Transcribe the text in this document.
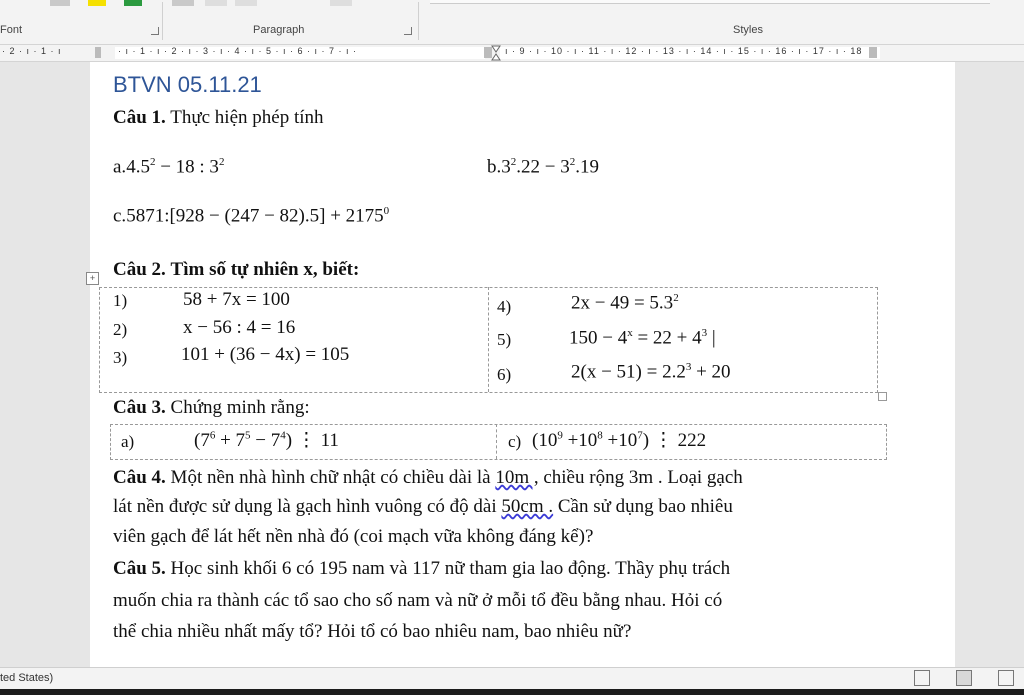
Font	Paragraph	Styles
· 2 · ı · 1 · ı	· ı · 1 · ı · 2 · ı · 3 · ı · 4 · ı · 5 · ı · 6 · ı · 7 · ı ·	ı · 9 · ı · 10 · ı · 11 · ı · 12 · ı · 13 · ı · 14 · ı · 15 · ı · 16 · ı · 17 · ı · 18
BTVN 05.11.21
Câu 1. Thực hiện phép tính
$a.4.5^2 - 18$ : $3^2$	$b.3^2.22 - 3^2.19$
c.5871:[928 − $(247 - 82).5] + 2175^0$
+ Câu 2. Tìm số tự nhiên x, biết:
1)	58 + 7x = 100
2)	x − 56 : 4 = 16
3)	101 + (36 − 4x) = 105
4)	$2x - 49 = 5.3^2$
5)	$150 - 4^x = 22 + 4^3$ |
6)	$2(x - 51) = 2.2^3 + 20$
Câu 3. Chứng minh rằng:
a)	$(7^6 + 7^5 - 7^4)$ ⋮ 11	c) $(10^9 +10^8 +10^7)$ ⋮ 222
Câu 4. Một nền nhà hình chữ nhật có chiều dài là 10m , chiều rộng 3m . Loại gạch
lát nền được sử dụng là gạch hình vuông có độ dài 50cm . Cần sử dụng bao nhiêu
viên gạch để lát hết nền nhà đó (coi mạch vữa không đáng kể)?
Câu 5. Học sinh khối 6 có 195 nam và 117 nữ tham gia lao động. Thầy phụ trách
muốn chia ra thành các tổ sao cho số nam và nữ ở mỗi tổ đều bằng nhau. Hỏi có
thể chia nhiều nhất mấy tổ? Hỏi tổ có bao nhiêu nam, bao nhiêu nữ?
ted States)
